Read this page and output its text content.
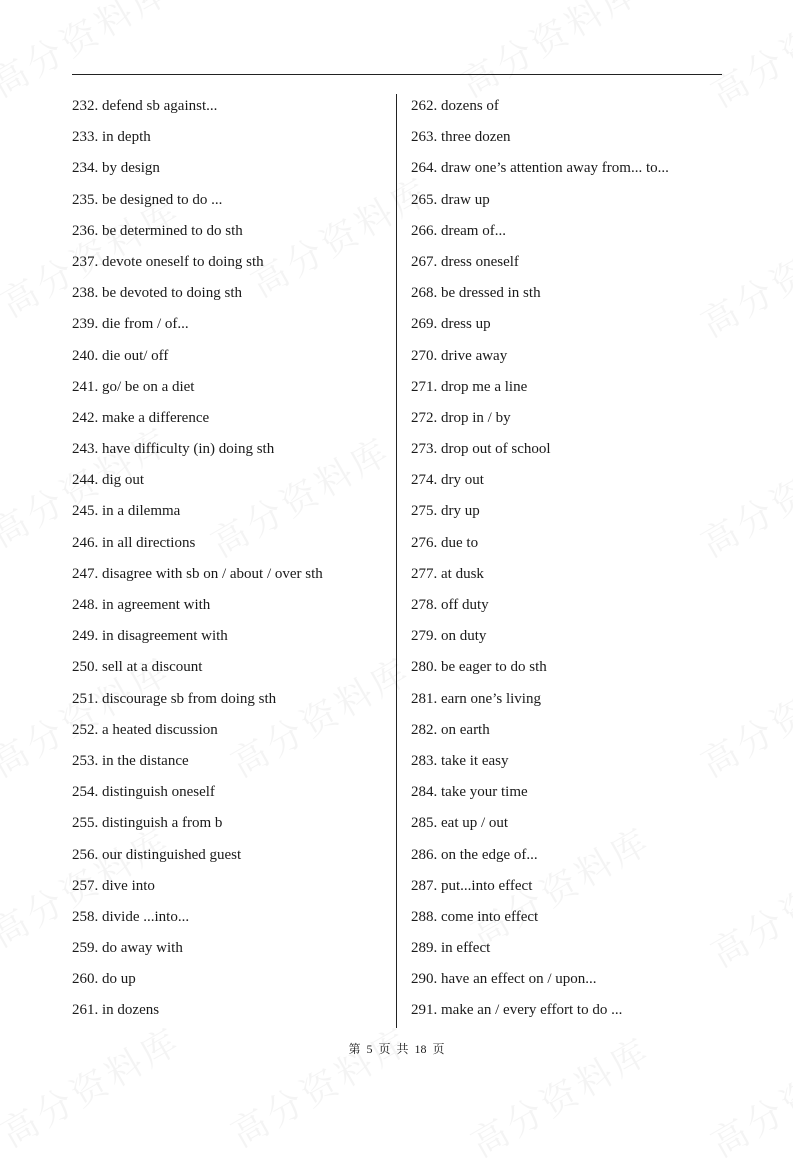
232. defend sb against...
233. in depth
234. by design
235. be designed to do ...
236. be determined to do sth
237. devote oneself to doing sth
238. be devoted to doing sth
239. die from / of...
240. die out/ off
241. go/ be on a diet
242. make a difference
243. have difficulty (in) doing sth
244. dig out
245. in a dilemma
246. in all directions
247. disagree with sb on / about / over sth
248. in agreement with
249. in disagreement with
250. sell at a discount
251. discourage sb from doing sth
252. a heated discussion
253. in the distance
254. distinguish oneself
255. distinguish a from b
256. our distinguished guest
257. dive into
258. divide ...into...
259. do away with
260. do up
261. in dozens
262. dozens of
263. three dozen
264. draw one’s attention away from... to...
265. draw up
266. dream of...
267. dress oneself
268. be dressed in sth
269. dress up
270. drive away
271. drop me a line
272. drop in / by
273. drop out of school
274. dry out
275. dry up
276. due to
277. at dusk
278. off duty
279. on duty
280. be eager to do sth
281. earn one’s living
282. on earth
283. take it easy
284. take your time
285. eat up / out
286. on the edge of...
287. put...into effect
288. come into effect
289. in effect
290. have an effect on / upon...
291. make an / every effort to do ...
第 5 页 共 18 页
